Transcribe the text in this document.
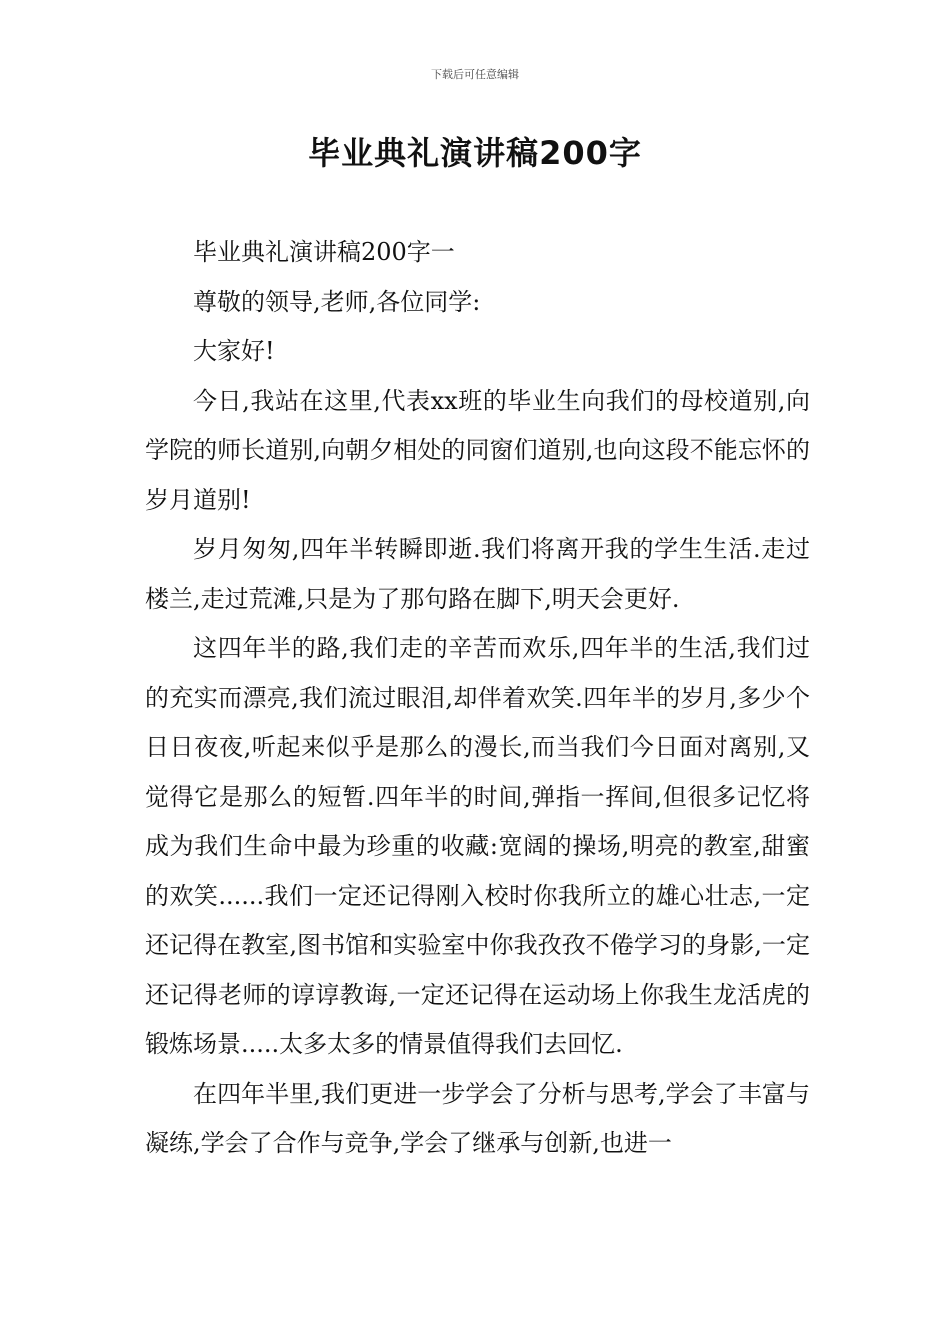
下载后可任意编辑
毕业典礼演讲稿200字

毕业典礼演讲稿200字一

尊敬的领导,老师,各位同学:

大家好!

今日,我站在这里,代表xx班的毕业生向我们的母校道别,向学院的师长道别,向朝夕相处的同窗们道别,也向这段不能忘怀的岁月道别!

岁月匆匆,四年半转瞬即逝.我们将离开我的学生生活.走过楼兰,走过荒滩,只是为了那句路在脚下,明天会更好.

这四年半的路,我们走的辛苦而欢乐,四年半的生活,我们过的充实而漂亮,我们流过眼泪,却伴着欢笑.四年半的岁月,多少个日日夜夜,听起来似乎是那么的漫长,而当我们今日面对离别,又觉得它是那么的短暂.四年半的时间,弹指一挥间,但很多记忆将成为我们生命中最为珍重的收藏:宽阔的操场,明亮的教室,甜蜜的欢笑......我们一定还记得刚入校时你我所立的雄心壮志,一定还记得在教室,图书馆和实验室中你我孜孜不倦学习的身影,一定还记得老师的谆谆教诲,一定还记得在运动场上你我生龙活虎的锻炼场景.....太多太多的情景值得我们去回忆.

在四年半里,我们更进一步学会了分析与思考,学会了丰富与凝练,学会了合作与竞争,学会了继承与创新,也进一
